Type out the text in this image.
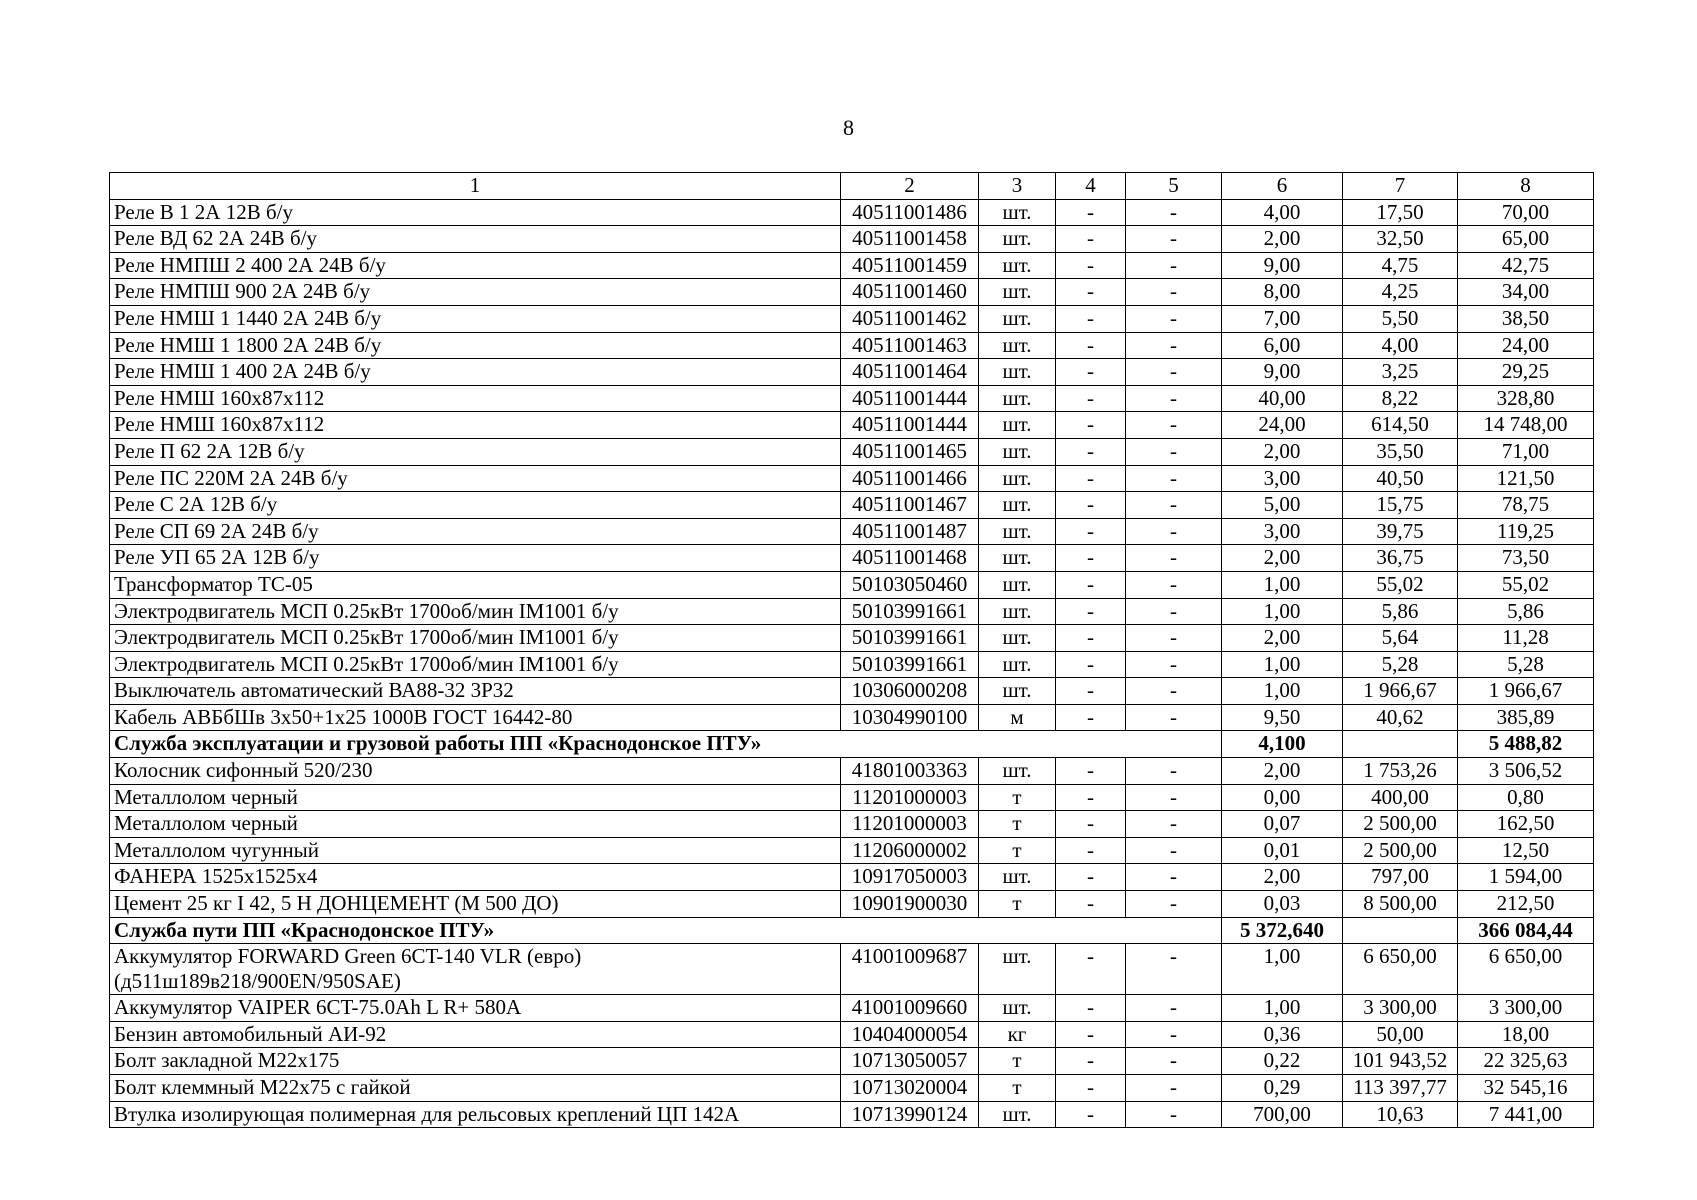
8
1	2	3	4	5	6	7	8
Реле В 1 2А 12В б/у	40511001486	шт.	-	-	4,00	17,50	70,00
Реле ВД 62 2А 24В б/у	40511001458	шт.	-	-	2,00	32,50	65,00
Реле НМПШ 2 400 2А 24В б/у	40511001459	шт.	-	-	9,00	4,75	42,75
Реле НМПШ 900 2А 24В б/у	40511001460	шт.	-	-	8,00	4,25	34,00
Реле НМШ 1 1440 2А 24В б/у	40511001462	шт.	-	-	7,00	5,50	38,50
Реле НМШ 1 1800 2А 24В б/у	40511001463	шт.	-	-	6,00	4,00	24,00
Реле НМШ 1 400 2А 24В б/у	40511001464	шт.	-	-	9,00	3,25	29,25
Реле НМШ 160х87х112	40511001444	шт.	-	-	40,00	8,22	328,80
Реле НМШ 160х87х112	40511001444	шт.	-	-	24,00	614,50	14 748,00
Реле П 62 2А 12В б/у	40511001465	шт.	-	-	2,00	35,50	71,00
Реле ПС 220М 2А 24В б/у	40511001466	шт.	-	-	3,00	40,50	121,50
Реле С 2А 12В б/у	40511001467	шт.	-	-	5,00	15,75	78,75
Реле СП 69 2А 24В б/у	40511001487	шт.	-	-	3,00	39,75	119,25
Реле УП 65 2А 12В б/у	40511001468	шт.	-	-	2,00	36,75	73,50
Трансформатор ТС-05	50103050460	шт.	-	-	1,00	55,02	55,02
Электродвигатель МСП 0.25кВт 1700об/мин IM1001 б/у	50103991661	шт.	-	-	1,00	5,86	5,86
Электродвигатель МСП 0.25кВт 1700об/мин IM1001 б/у	50103991661	шт.	-	-	2,00	5,64	11,28
Электродвигатель МСП 0.25кВт 1700об/мин IM1001 б/у	50103991661	шт.	-	-	1,00	5,28	5,28
Выключатель автоматический ВА88-32 3Р32	10306000208	шт.	-	-	1,00	1 966,67	1 966,67
Кабель АВБбШв 3х50+1х25 1000В ГОСТ 16442-80	10304990100	м	-	-	9,50	40,62	385,89
Служба эксплуатации и грузовой работы ПП «Краснодонское ПТУ»					4,100		5 488,82
Колосник сифонный 520/230	41801003363	шт.	-	-	2,00	1 753,26	3 506,52
Металлолом черный	11201000003	т	-	-	0,00	400,00	0,80
Металлолом черный	11201000003	т	-	-	0,07	2 500,00	162,50
Металлолом чугунный	11206000002	т	-	-	0,01	2 500,00	12,50
ФАНЕРА 1525х1525х4	10917050003	шт.	-	-	2,00	797,00	1 594,00
Цемент 25 кг I 42, 5 Н ДОНЦЕМЕНТ (М 500 ДО)	10901900030	т	-	-	0,03	8 500,00	212,50
Служба пути ПП «Краснодонское ПТУ»					5 372,640		366 084,44
Аккумулятор FORWARD Green 6CT-140 VLR (евро) (д511ш189в218/900EN/950SAE)	41001009687	шт.	-	-	1,00	6 650,00	6 650,00
Аккумулятор VAIPER 6CT-75.0Ah L R+ 580A	41001009660	шт.	-	-	1,00	3 300,00	3 300,00
Бензин автомобильный АИ-92	10404000054	кг	-	-	0,36	50,00	18,00
Болт закладной М22х175	10713050057	т	-	-	0,22	101 943,52	22 325,63
Болт клеммный М22х75 с гайкой	10713020004	т	-	-	0,29	113 397,77	32 545,16
Втулка изолирующая полимерная для рельсовых креплений ЦП 142А	10713990124	шт.	-	-	700,00	10,63	7 441,00
